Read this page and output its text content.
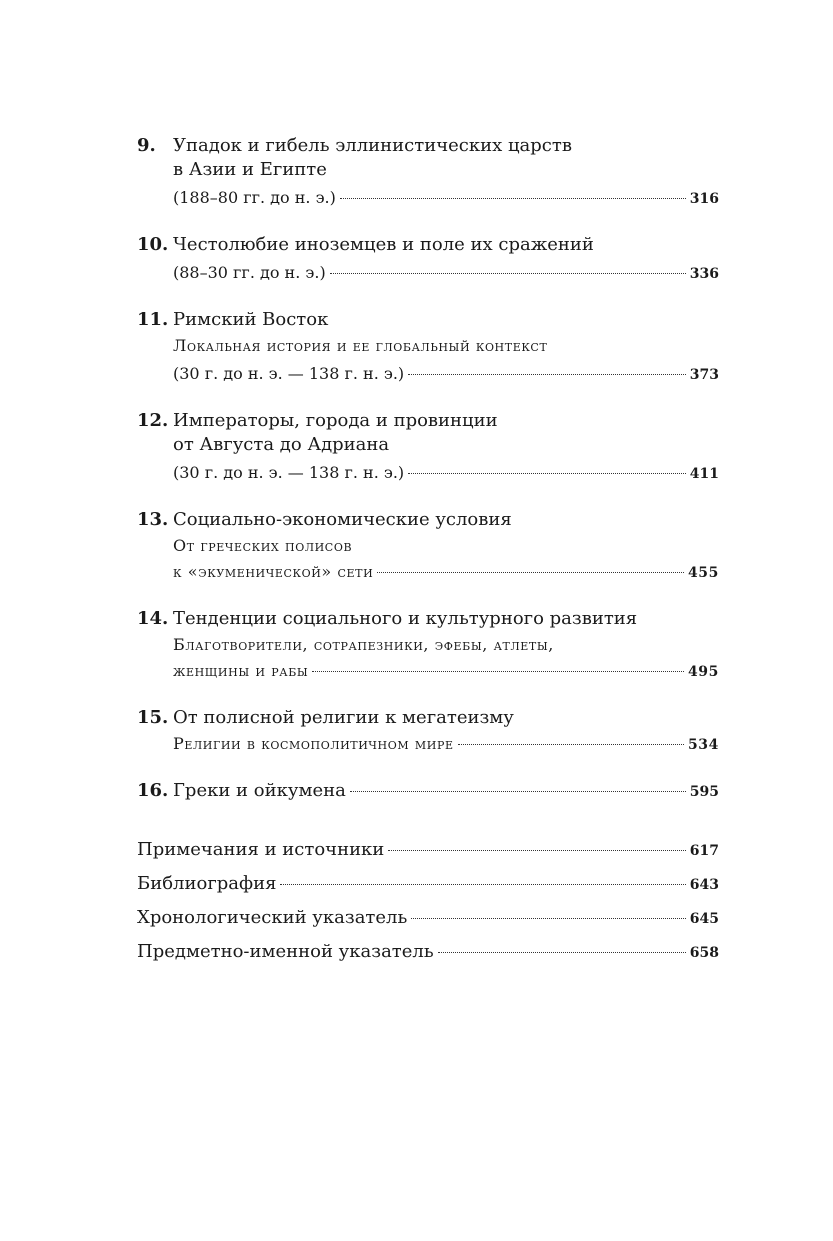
9. Упадок и гибель эллинистических царств
в Азии и Египте
(188–80 гг. до н. э.)	316
10. Честолюбие иноземцев и поле их сражений
(88–30 гг. до н. э.)	336
11. Римский Восток
Локальная история и ее глобальный контекст
(30 г. до н. э. — 138 г. н. э.)	373
12. Императоры, города и провинции
от Августа до Адриана
(30 г. до н. э. — 138 г. н. э.)	411
13. Социально-экономические условия
От греческих полисов
к «экуменической» сети	455
14. Тенденции социального и культурного развития
Благотворители, сотрапезники, эфебы, атлеты,
женщины и рабы	495
15. От полисной религии к мегатеизму
Религии в космополитичном мире	534
16. Греки и ойкумена	595
Примечания и источники	617
Библиография	643
Хронологический указатель	645
Предметно-именной указатель	658
